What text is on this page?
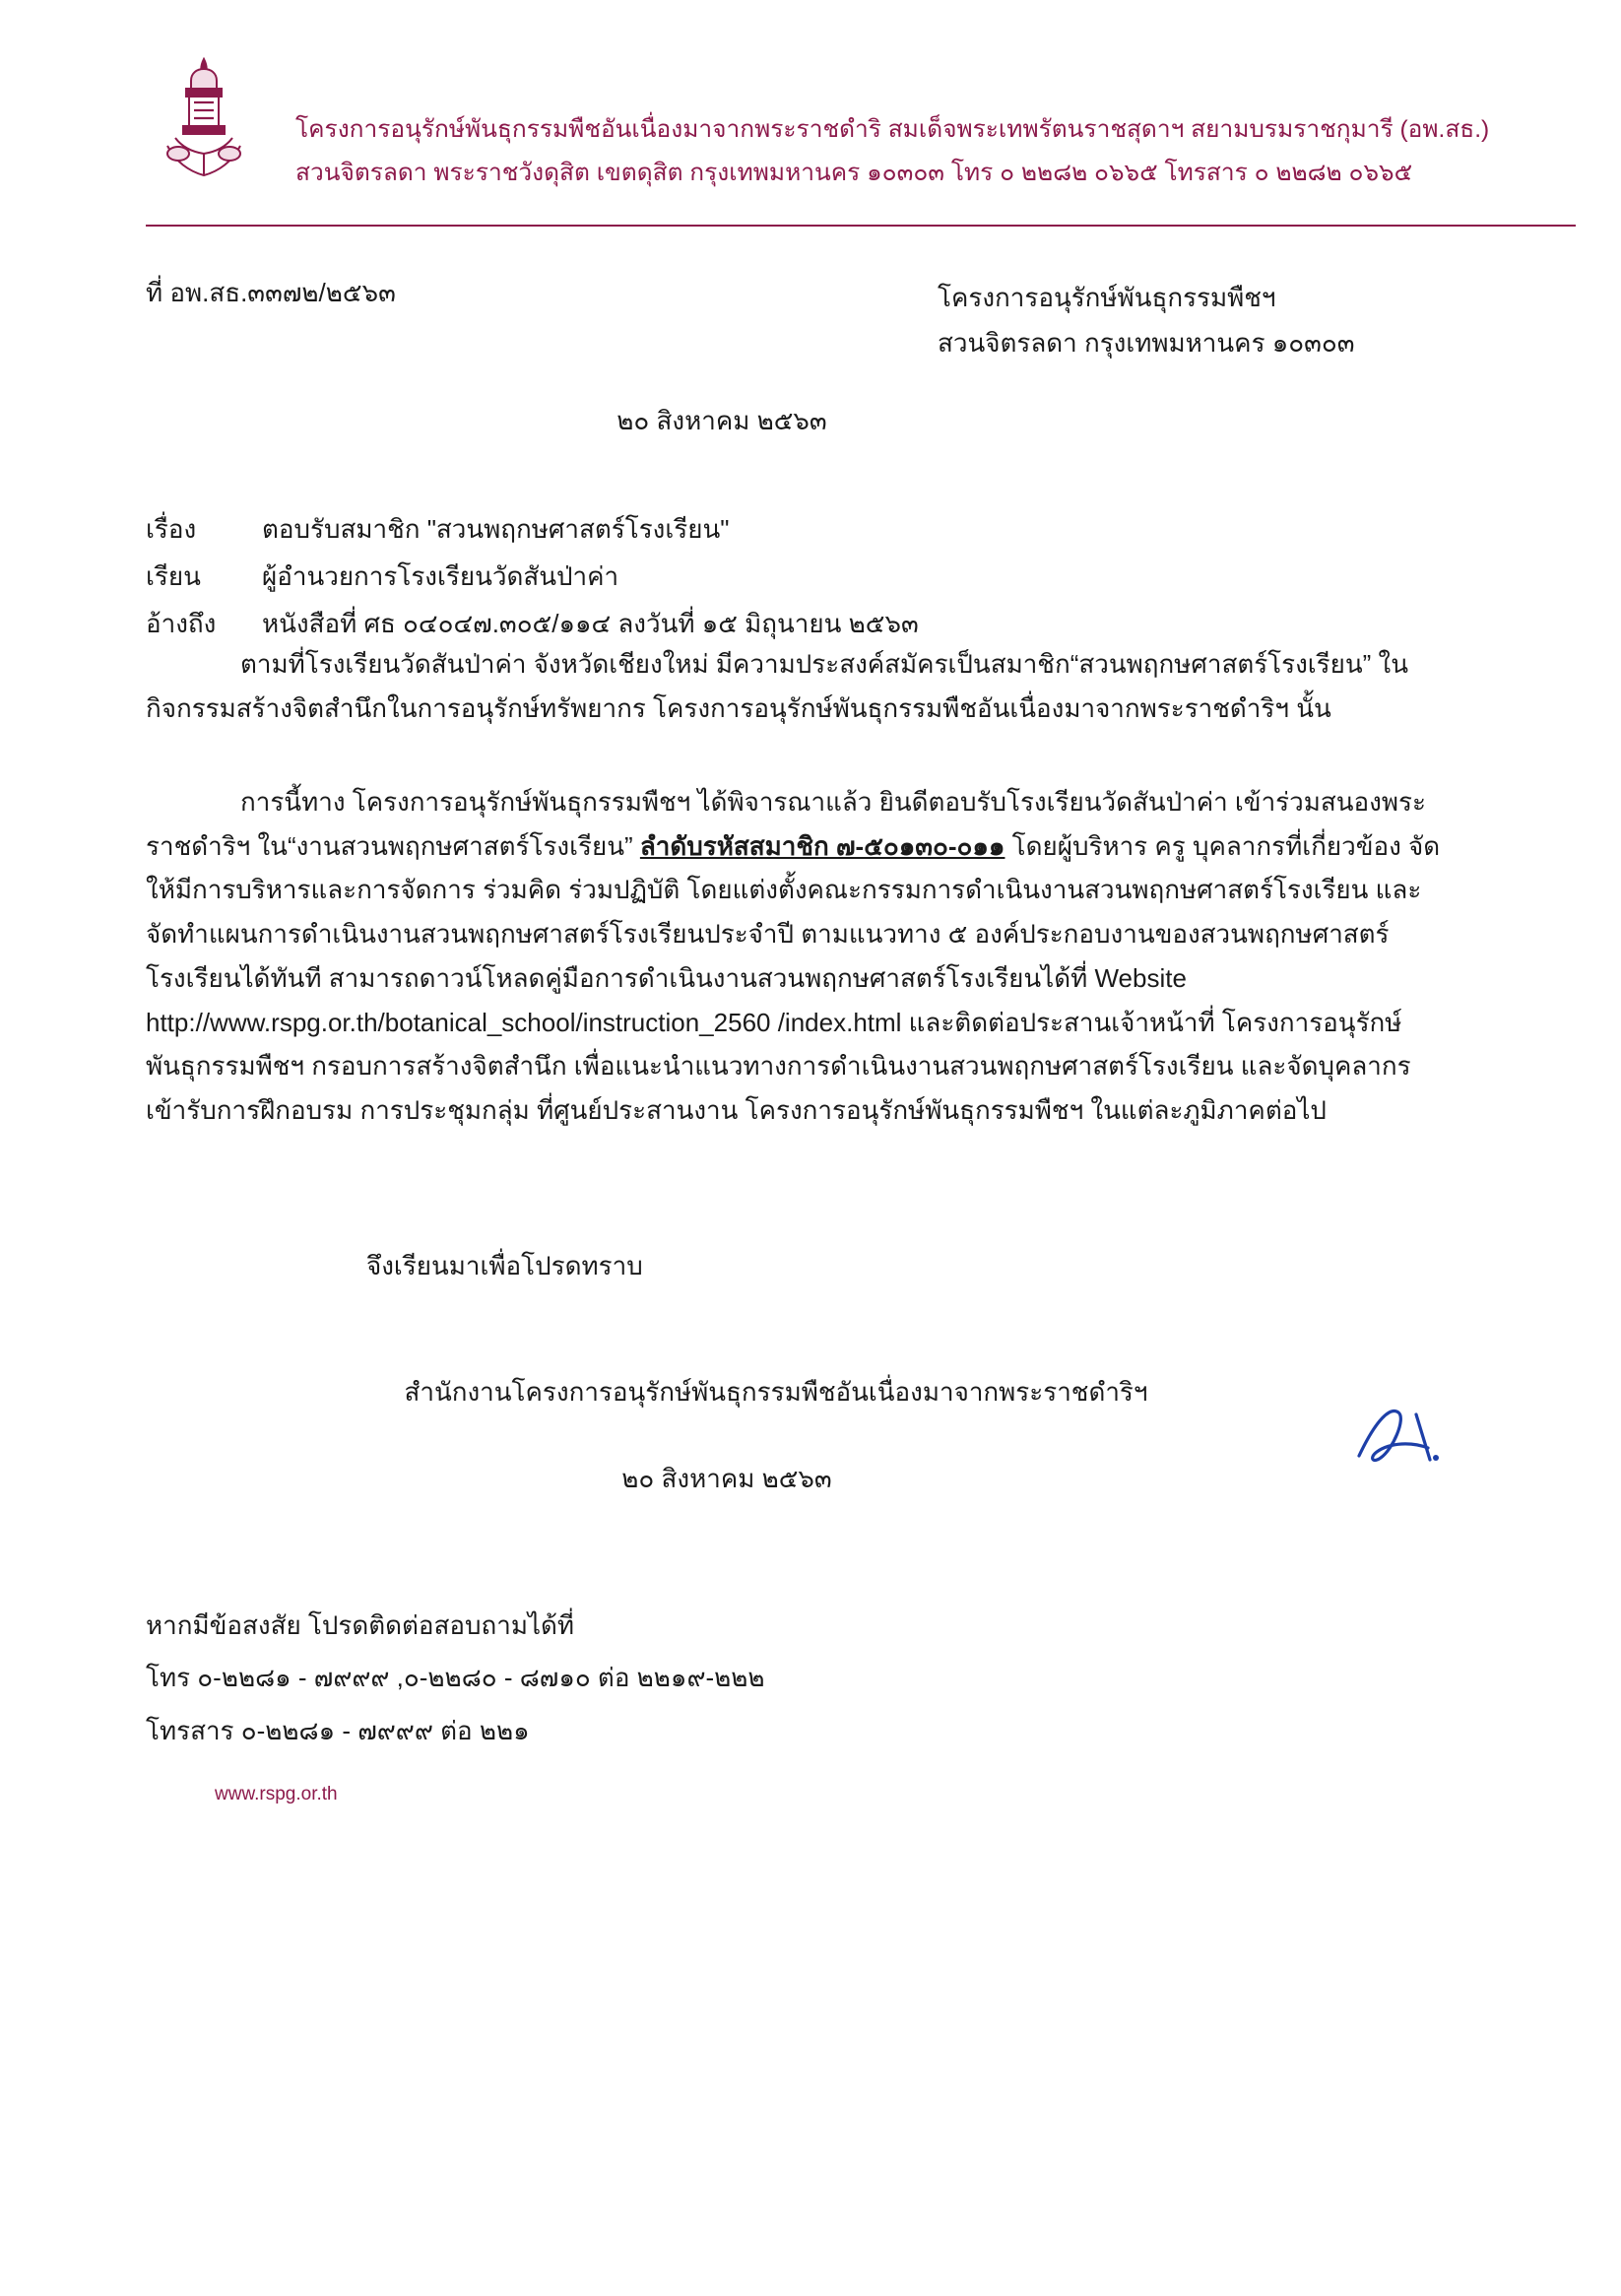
โครงการอนุรักษ์พันธุกรรมพืชอันเนื่องมาจากพระราชดำริ สมเด็จพระเทพรัตนราชสุดาฯ สยามบรมราชกุมารี (อพ.สธ.)
สวนจิตรลดา พระราชวังดุสิต เขตดุสิต กรุงเทพมหานคร ๑๐๓๐๓ โทร ๐ ๒๒๘๒ ๐๖๖๕ โทรสาร ๐ ๒๒๘๒ ๐๖๖๕
ที่ อพ.สธ.๓๓๗๒/๒๕๖๓	โครงการอนุรักษ์พันธุกรรมพืชฯ
สวนจิตรลดา กรุงเทพมหานคร ๑๐๓๐๓
๒๐ สิงหาคม ๒๕๖๓
เรื่อง	ตอบรับสมาชิก "สวนพฤกษศาสตร์โรงเรียน"
เรียน	ผู้อำนวยการโรงเรียนวัดสันป่าค่า
อ้างถึง	หนังสือที่ ศธ ๐๔๐๔๗.๓๐๕/๑๑๔ ลงวันที่ ๑๕ มิถุนายน ๒๕๖๓
ตามที่โรงเรียนวัดสันป่าค่า จังหวัดเชียงใหม่ มีความประสงค์สมัครเป็นสมาชิก“สวนพฤกษศาสตร์โรงเรียน” ในกิจกรรมสร้างจิตสำนึกในการอนุรักษ์ทรัพยากร โครงการอนุรักษ์พันธุกรรมพืชอันเนื่องมาจากพระราชดำริฯ นั้น
การนี้ทาง โครงการอนุรักษ์พันธุกรรมพืชฯ ได้พิจารณาแล้ว ยินดีตอบรับโรงเรียนวัดสันป่าค่า เข้าร่วมสนองพระราชดำริฯ ใน“งานสวนพฤกษศาสตร์โรงเรียน” ลำดับรหัสสมาชิก ๗-๕๐๑๓๐-๐๑๑ โดยผู้บริหาร ครู บุคลากรที่เกี่ยวข้อง จัดให้มีการบริหารและการจัดการ ร่วมคิด ร่วมปฏิบัติ โดยแต่งตั้งคณะกรรมการดำเนินงานสวนพฤกษศาสตร์โรงเรียน และจัดทำแผนการดำเนินงานสวนพฤกษศาสตร์โรงเรียนประจำปี ตามแนวทาง ๕ องค์ประกอบงานของสวนพฤกษศาสตร์โรงเรียนได้ทันที สามารถดาวน์โหลดคู่มือการดำเนินงานสวนพฤกษศาสตร์โรงเรียนได้ที่ Website http://www.rspg.or.th/botanical_school/instruction_2560 /index.html และติดต่อประสานเจ้าหน้าที่ โครงการอนุรักษ์พันธุกรรมพืชฯ กรอบการสร้างจิตสำนึก เพื่อแนะนำแนวทางการดำเนินงานสวนพฤกษศาสตร์โรงเรียน และจัดบุคลากรเข้ารับการฝึกอบรม การประชุมกลุ่ม ที่ศูนย์ประสานงาน โครงการอนุรักษ์พันธุกรรมพืชฯ ในแต่ละภูมิภาคต่อไป
จึงเรียนมาเพื่อโปรดทราบ
สำนักงานโครงการอนุรักษ์พันธุกรรมพืชอันเนื่องมาจากพระราชดำริฯ
๒๐ สิงหาคม ๒๕๖๓
หากมีข้อสงสัย โปรดติดต่อสอบถามได้ที่
โทร ๐-๒๒๘๑ - ๗๙๙๙ ,๐-๒๒๘๐ - ๘๗๑๐ ต่อ ๒๒๑๙-๒๒๒
โทรสาร ๐-๒๒๘๑ - ๗๙๙๙ ต่อ ๒๒๑
www.rspg.or.th
